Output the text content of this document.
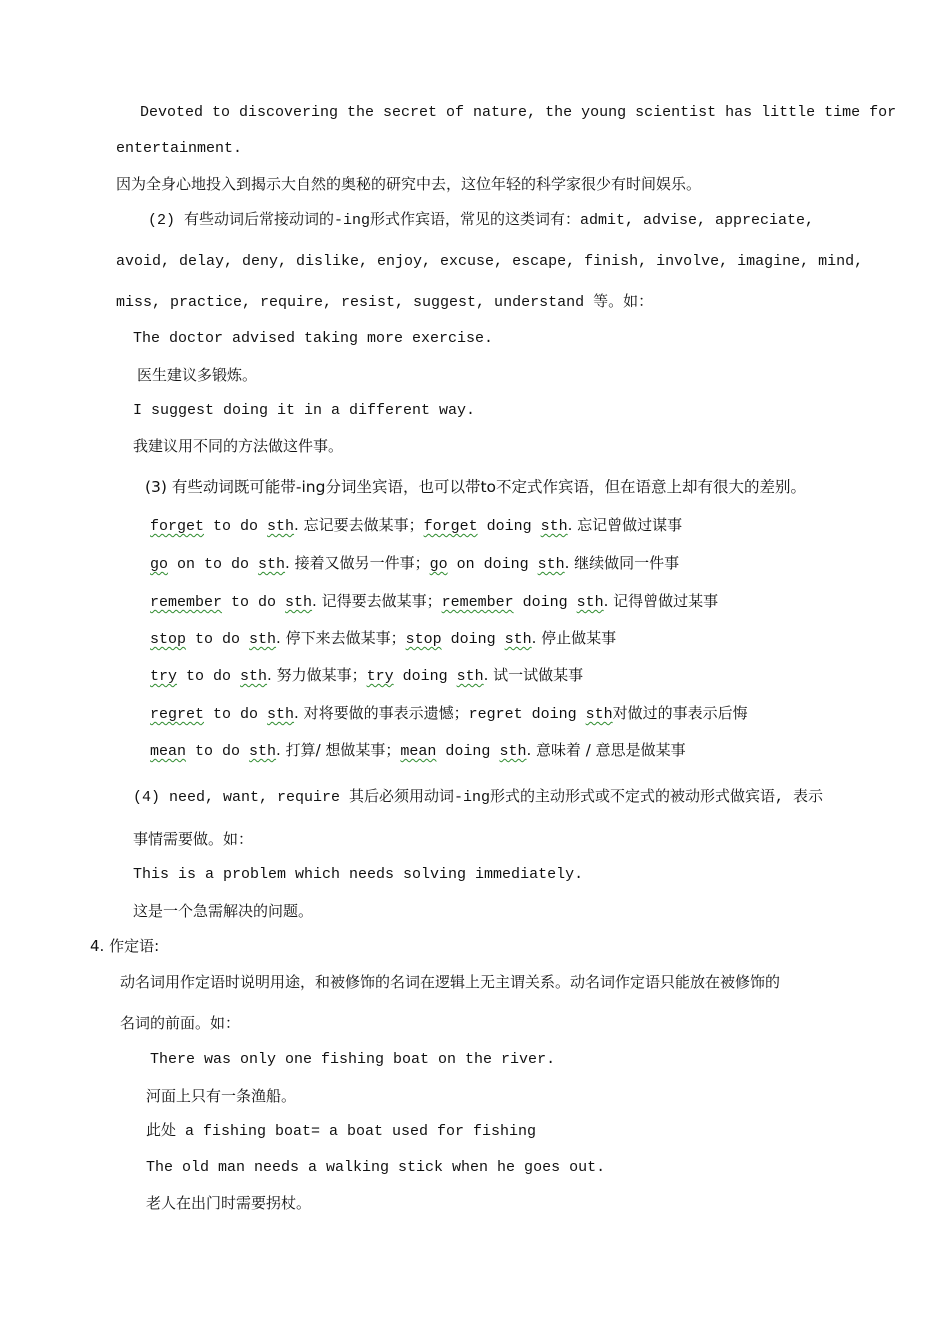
Devoted to discovering the secret of nature, the young scientist has little time for
entertainment.
因为全身心地投入到揭示大自然的奥秘的研究中去，这位年轻的科学家很少有时间娱乐。
(2) 有些动词后常接动词的-ing形式作宾语，常见的这类词有：admit, advise, appreciate,
avoid, delay, deny, dislike, enjoy, excuse, escape, finish, involve, imagine, mind,
miss, practice, require, resist, suggest, understand 等。如：
The doctor advised taking more exercise.
医生建议多锻炼。
I suggest doing it in a different way.
我建议用不同的方法做这件事。
(3) 有些动词既可能带-ing分词坐宾语，也可以带to不定式作宾语，但在语意上却有很大的差别。
forget to do sth. 忘记要去做某事；forget doing sth. 忘记曾做过谋事
go on to do sth. 接着又做另一件事；go on doing sth. 继续做同一件事
remember to do sth. 记得要去做某事；remember doing sth. 记得曾做过某事
stop to do sth. 停下来去做某事；stop doing sth. 停止做某事
try to do sth. 努力做某事；try doing sth. 试一试做某事
regret to do sth. 对将要做的事表示遗憾；regret doing sth对做过的事表示后悔
mean to do sth. 打算/ 想做某事；mean doing sth. 意味着 / 意思是做某事
(4) need, want, require 其后必须用动词-ing形式的主动形式或不定式的被动形式做宾语, 表示
事情需要做。如：
This is a problem which needs solving immediately.
这是一个急需解决的问题。
4. 作定语:
动名词用作定语时说明用途，和被修饰的名词在逻辑上无主谓关系。动名词作定语只能放在被修饰的
名词的前面。如：
There was only one fishing boat on the river.
河面上只有一条渔船。
此处 a fishing boat= a boat used for fishing
The old man needs a walking stick when he goes out.
老人在出门时需要拐杖。
